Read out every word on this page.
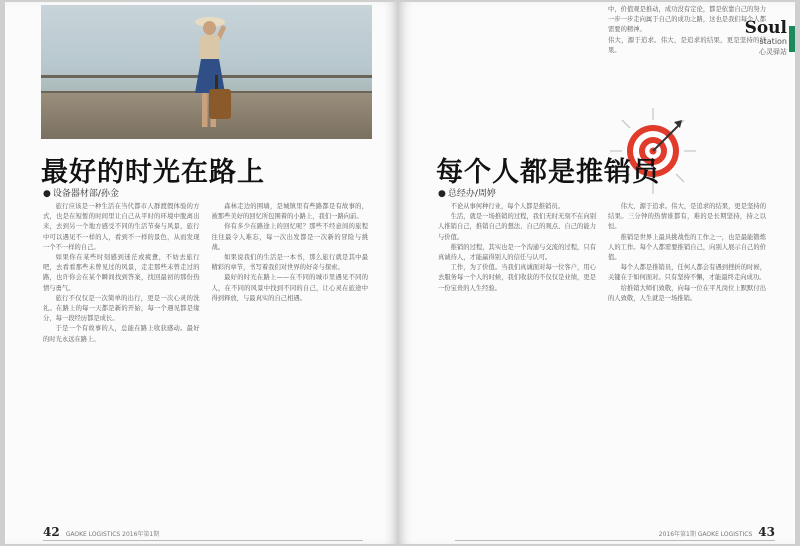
最好的时光在路上
● 设备器材部/孙金

旅行应该是一种生活在当代都市人群渡假体验的方式，也是在短暂的时间里让自己从平时的环境中脱离出来，去到另一个地方感受不同的生活节奏与风景，旅行中可以遇见不一样的人，看到不一样的景色，从而发现一个不一样的自己。

如果你在某些时刻感到迷茫或疲惫，不妨去旅行吧，去看看那些未曾见过的风景，走走那些未曾走过的路，也许你会在某个瞬间找到答案，找回最初的那份热情与勇气。

旅行不仅仅是一次简单的出行，更是一次心灵的洗礼。在路上的每一天都是新的开始，每一个遇见都是缘分，每一段经历都是成长。

于是一个有故事的人，总能在路上收获感动。最好的时光永远在路上。

森林走边的围墙，是城镇里有些路都是有故事的，被那些美好的回忆所包围着的小路上，我们一路向前。

你有多少在路途上的回忆呢？那些不经意间的旅程往往最令人难忘，每一次出发都是一次新的冒险与挑战。

如果说我们的生活是一本书，那么旅行就是其中最精彩的章节，书写着我们对世界的好奇与探索。

最好的时光在路上——在不同的城市里遇见不同的人，在不同的风景中找到不同的自己，让心灵在旅途中得到释放，与最真实的自己相遇。

42 GAOKE LOGISTICS 2016年第1期

中，价值观是推动，成功没有定论，都是依靠自己的努力一步一步走向属于自己的成功之路，这也是我们每个人都需要的精神。

伟大，源于追求。伟大，是追求的结果，更是坚持的结果。

Soul
station
心灵驿站
每个人都是推销员
● 总经办/周婷

不论从事何种行业，每个人都是推销员。

生活，就是一场推销的过程，我们无时无刻不在向别人推销自己，推销自己的想法、自己的观点、自己的能力与价值。

推销的过程，其实也是一个沟通与交流的过程，只有真诚待人，才能赢得别人的信任与认可。

工作，为了价值。当我们真诚面对每一位客户，用心去服务每一个人的时候，我们收获的不仅仅是业绩，更是一份宝贵的人生经验。

伟大，源于追求。伟大，是追求的结果，更是坚持的结果。三分钟的热情谁都有，难的是长期坚持，持之以恒。

推销是世界上最具挑战性的工作之一，也是最能锻炼人的工作。每个人都需要推销自己，向别人展示自己的价值。

每个人都是推销员，任何人都会有遇到挫折的时候，关键在于如何面对。只有坚持不懈，才能最终走向成功。

给推销大师们致敬，向每一位在平凡岗位上默默付出的人致敬，人生就是一场推销。

2016年第1期 GAOKE LOGISTICS 43
